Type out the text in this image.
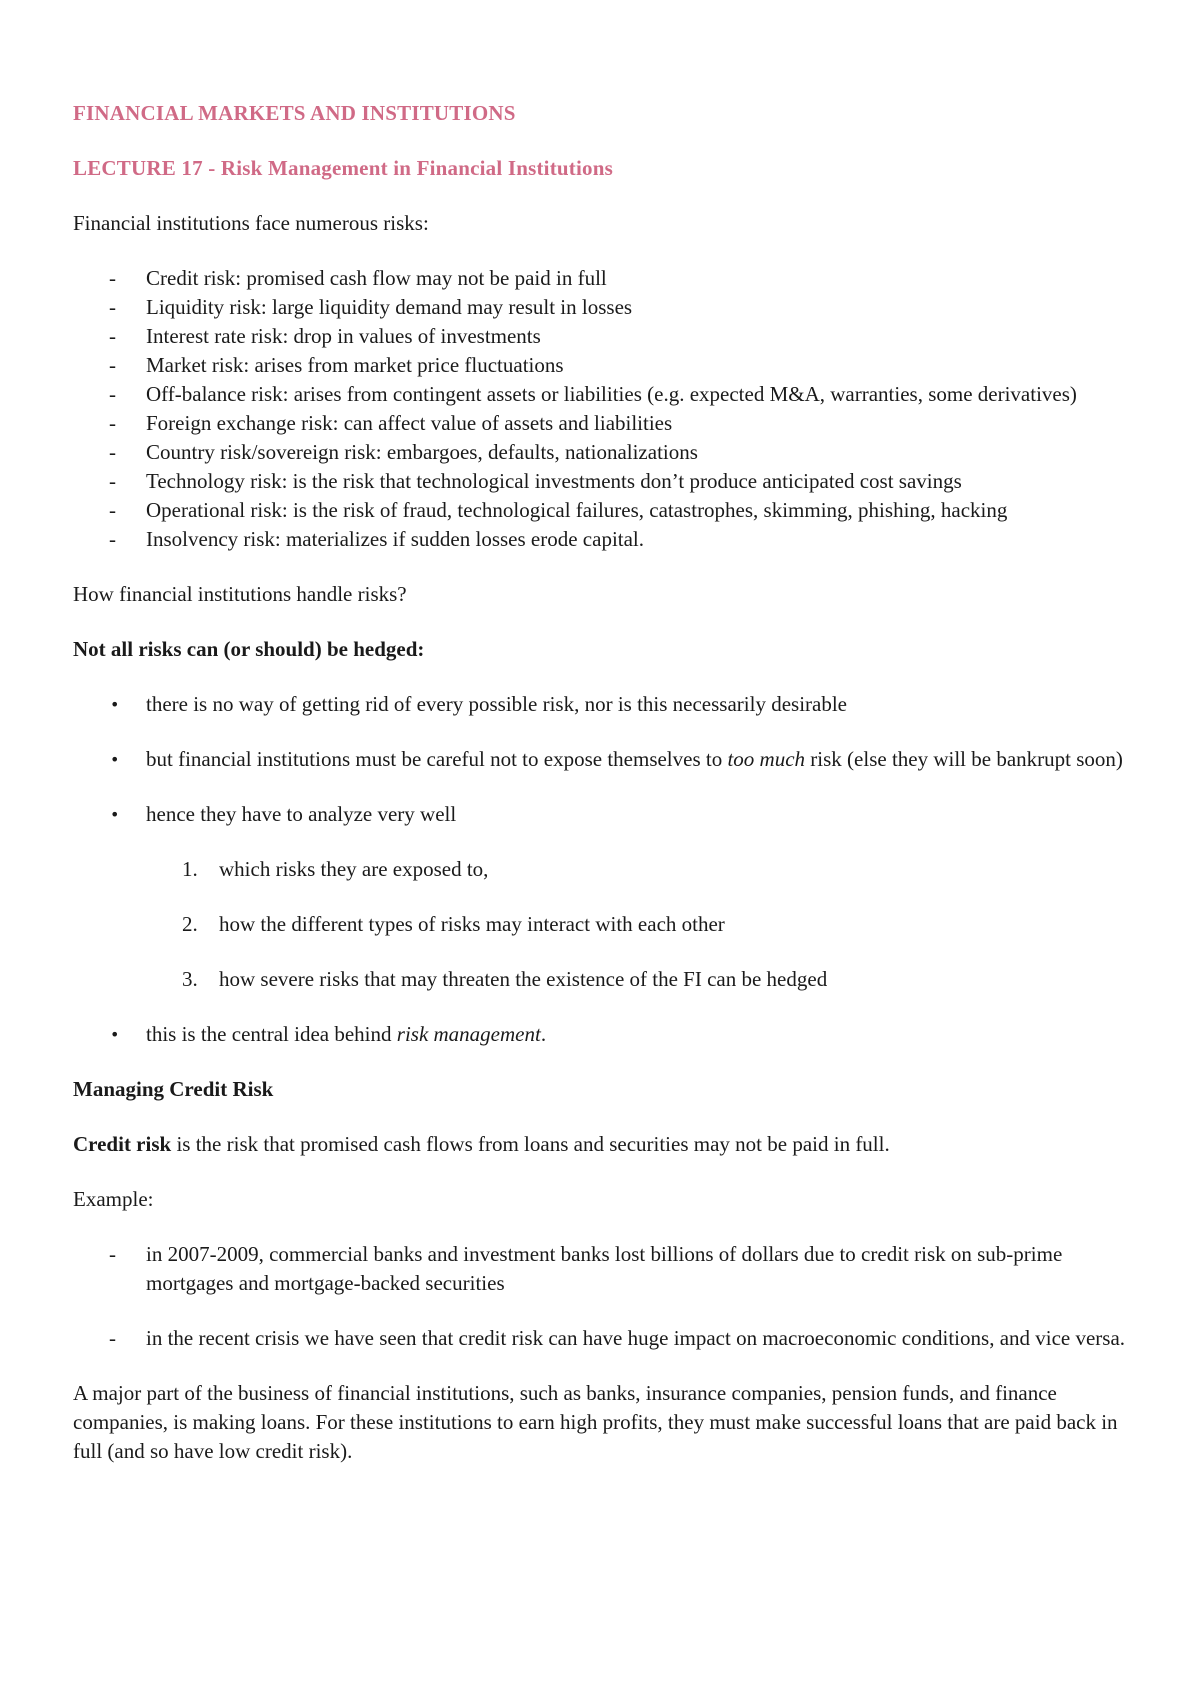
FINANCIAL MARKETS AND INSTITUTIONS
LECTURE 17 - Risk Management in Financial Institutions

Financial institutions face numerous risks:

- Credit risk: promised cash flow may not be paid in full
- Liquidity risk: large liquidity demand may result in losses
- Interest rate risk: drop in values of investments
- Market risk: arises from market price fluctuations
- Off-balance risk: arises from contingent assets or liabilities (e.g. expected M&A, warranties, some derivatives)
- Foreign exchange risk: can affect value of assets and liabilities
- Country risk/sovereign risk: embargoes, defaults, nationalizations
- Technology risk: is the risk that technological investments don’t produce anticipated cost savings
- Operational risk: is the risk of fraud, technological failures, catastrophes, skimming, phishing, hacking
- Insolvency risk: materializes if sudden losses erode capital.

How financial institutions handle risks?

Not all risks can (or should) be hedged:

• there is no way of getting rid of every possible risk, nor is this necessarily desirable
• but financial institutions must be careful not to expose themselves to too much risk (else they will be bankrupt soon)
• hence they have to analyze very well
1. which risks they are exposed to,
2. how the different types of risks may interact with each other
3. how severe risks that may threaten the existence of the FI can be hedged
• this is the central idea behind risk management.

Managing Credit Risk

Credit risk is the risk that promised cash flows from loans and securities may not be paid in full.

Example:

- in 2007-2009, commercial banks and investment banks lost billions of dollars due to credit risk on sub-prime mortgages and mortgage-backed securities
- in the recent crisis we have seen that credit risk can have huge impact on macroeconomic conditions, and vice versa.

A major part of the business of financial institutions, such as banks, insurance companies, pension funds, and finance companies, is making loans. For these institutions to earn high profits, they must make successful loans that are paid back in full (and so have low credit risk).
